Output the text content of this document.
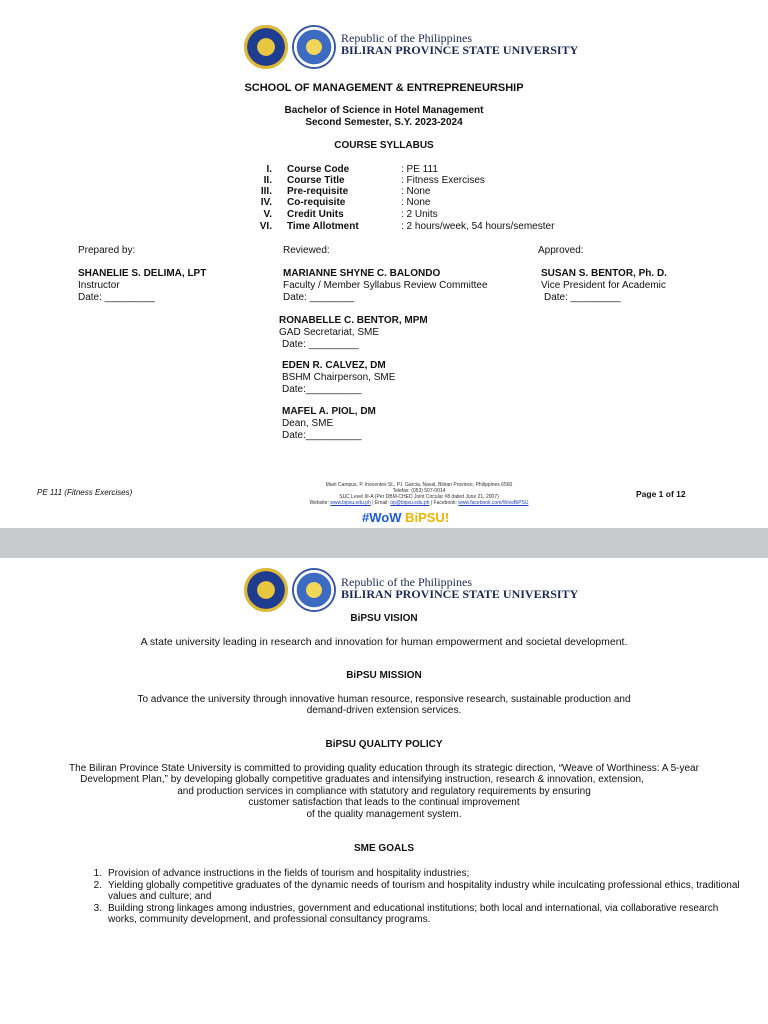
Republic of the Philippines
BILIRAN PROVINCE STATE UNIVERSITY
SCHOOL OF MANAGEMENT & ENTREPRENEURSHIP
Bachelor of Science in Hotel Management
Second Semester, S.Y. 2023-2024
COURSE SYLLABUS
I. Course Code	: PE 111
II. Course Title	: Fitness Exercises
III. Pre-requisite	: None
IV. Co-requisite	: None
V. Credit Units	: 2 Units
VI. Time Allotment	: 2 hours/week, 54 hours/semester
Prepared by:	Reviewed:	Approved:
SHANELIE S. DELIMA, LPT
Instructor
Date: _________
MARIANNE SHYNE C. BALONDO
Faculty / Member Syllabus Review Committee
Date: ________
RONABELLE C. BENTOR, MPM
GAD Secretariat, SME
Date: _________
EDEN R. CALVEZ, DM
BSHM Chairperson, SME
Date:__________
MAFEL A. PIOL, DM
Dean, SME
Date:__________
SUSAN S. BENTOR, Ph. D.
Vice President for Academic
Date: _________
PE 111 (Fitness Exercises)
Main Campus, P. Inocentes St., P.I. Garcia, Naval, Biliran Province, Philippines 6560
Telefax: (053) 507-0014
SUC Level III-A (Per DBM-CHED Joint Circular #8 dated June 21, 2007)
Website: www.bipsu.edu.ph | Email: op@bipsu.edu.ph | Facebook: www.facebook.com/WowBiPSU
#WoW BiPSU!
Page 1 of 12
Republic of the Philippines
BILIRAN PROVINCE STATE UNIVERSITY
BiPSU VISION
A state university leading in research and innovation for human empowerment and societal development.
BiPSU MISSION
To advance the university through innovative human resource, responsive research, sustainable production and
demand-driven extension services.
BiPSU QUALITY POLICY
The Biliran Province State University is committed to providing quality education through its strategic direction, “Weave of Worthiness: A 5-year
Development Plan,” by developing globally competitive graduates and intensifying instruction, research & innovation, extension,
and production services in compliance with statutory and regulatory requirements by ensuring
customer satisfaction that leads to the continual improvement
of the quality management system.
SME GOALS
1. Provision of advance instructions in the fields of tourism and hospitality industries;
2. Yielding globally competitive graduates of the dynamic needs of tourism and hospitality industry while inculcating professional ethics, traditional
values and culture; and
3. Building strong linkages among industries, government and educational institutions; both local and international, via collaborative research
works, community development, and professional consultancy programs.
